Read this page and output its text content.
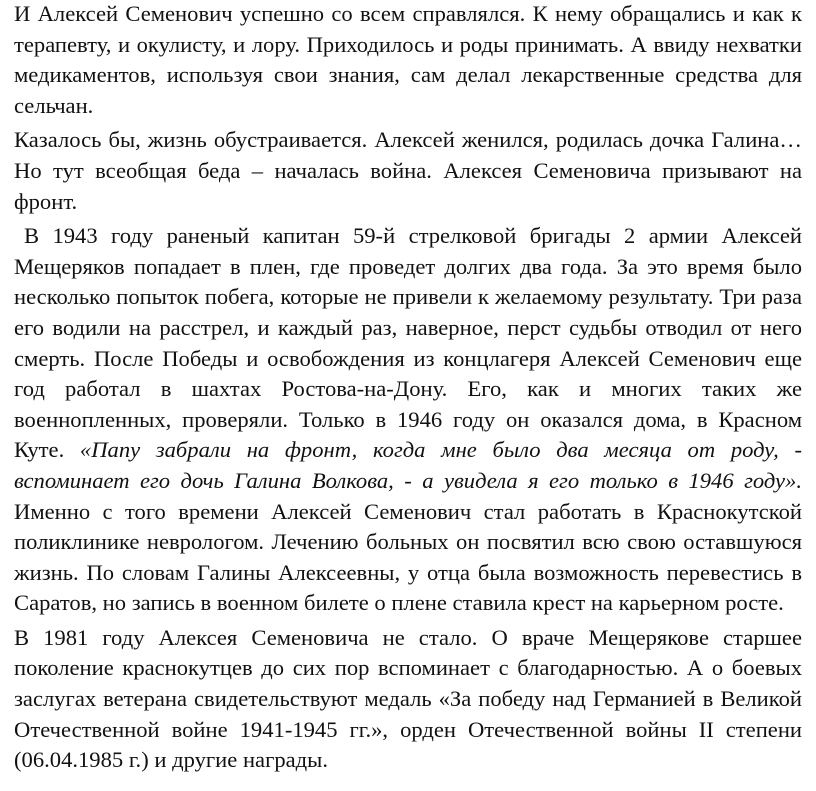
И Алексей Семенович успешно со всем справлялся. К нему обращались и как к терапевту, и окулисту, и лору. Приходилось и роды принимать. А ввиду нехватки медикаментов, используя свои знания, сам делал лекарственные средства для сельчан.

Казалось бы, жизнь обустраивается. Алексей женился, родилась дочка Галина… Но тут всеобщая беда – началась война. Алексея Семеновича призывают на фронт.

В 1943 году раненый капитан 59-й стрелковой бригады 2 армии Алексей Мещеряков попадает в плен, где проведет долгих два года. За это время было несколько попыток побега, которые не привели к желаемому результату. Три раза его водили на расстрел, и каждый раз, наверное, перст судьбы отводил от него смерть. После Победы и освобождения из концлагеря Алексей Семенович еще год работал в шахтах Ростова-на-Дону. Его, как и многих таких же военнопленных, проверяли. Только в 1946 году он оказался дома, в Красном Куте. «Папу забрали на фронт, когда мне было два месяца от роду, - вспоминает его дочь Галина Волкова, - а увидела я его только в 1946 году». Именно с того времени Алексей Семенович стал работать в Краснокутской поликлинике неврологом. Лечению больных он посвятил всю свою оставшуюся жизнь. По словам Галины Алексеевны, у отца была возможность перевестись в Саратов, но запись в военном билете о плене ставила крест на карьерном росте.

В 1981 году Алексея Семеновича не стало. О враче Мещерякове старшее поколение краснокутцев до сих пор вспоминает с благодарностью. А о боевых заслугах ветерана свидетельствуют медаль «За победу над Германией в Великой Отечественной войне 1941-1945 гг.», орден Отечественной войны II степени (06.04.1985 г.) и другие награды.
